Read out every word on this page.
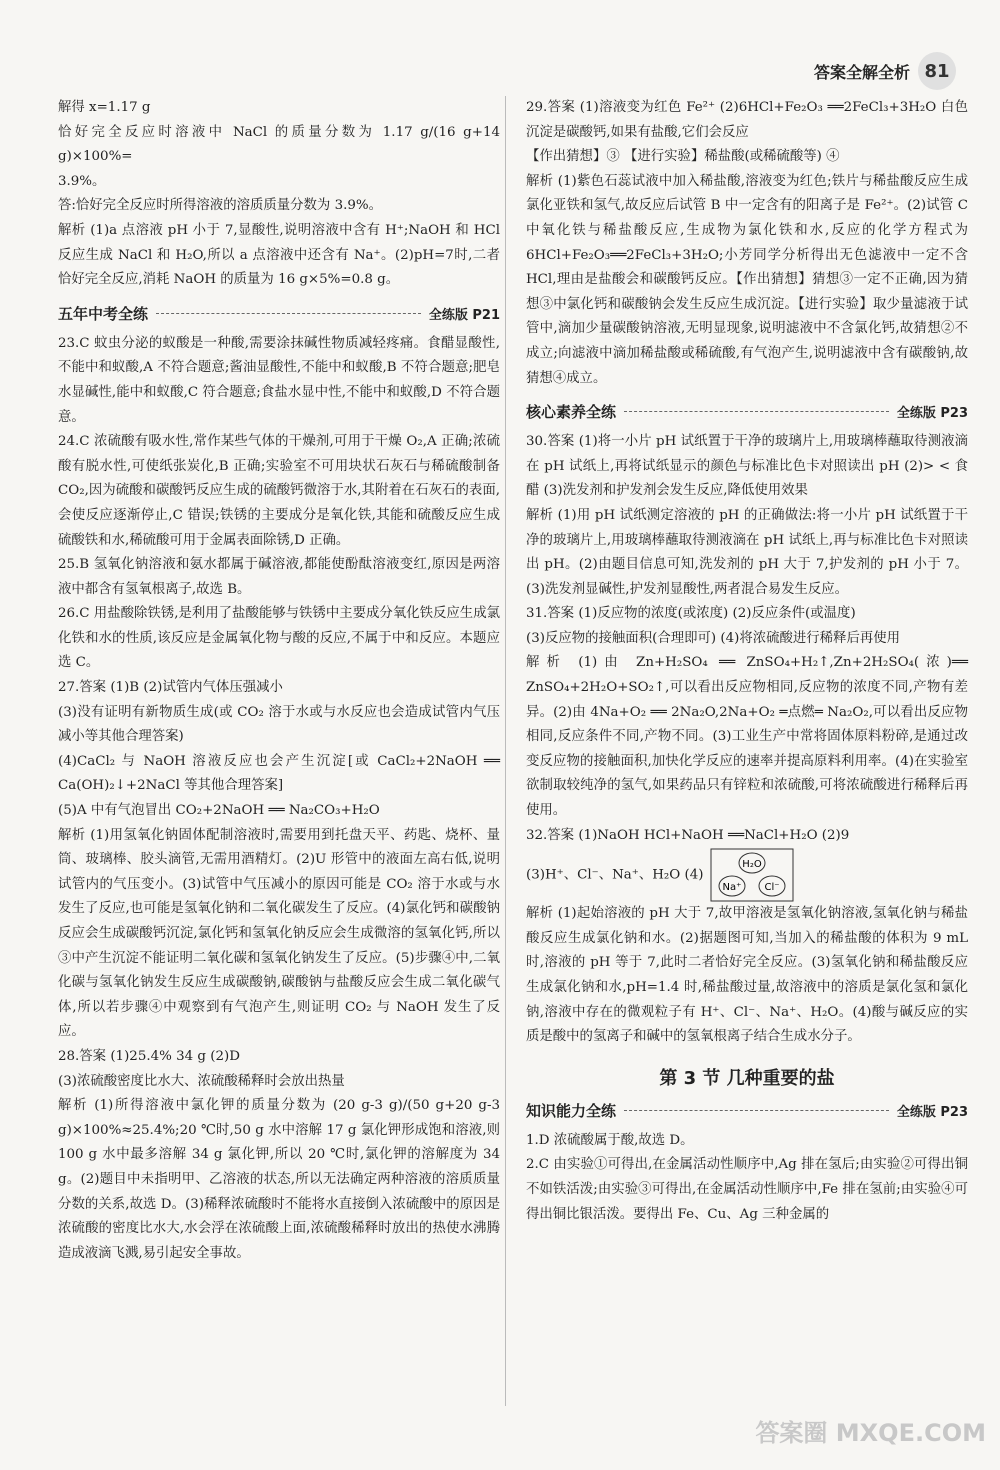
答案全解全析 81

解得 x=1.17 g

恰好完全反应时溶液中 NaCl 的质量分数为 1.17 g/(16 g+14 g)×100%=

3.9%。

答:恰好完全反应时所得溶液的溶质质量分数为 3.9%。

解析 (1)a 点溶液 pH 小于 7,显酸性,说明溶液中含有 H⁺;NaOH 和 HCl 反应生成 NaCl 和 H₂O,所以 a 点溶液中还含有 Na⁺。(2)pH=7时,二者恰好完全反应,消耗 NaOH 的质量为 16 g×5%=0.8 g。

五年中考全练	全练版 P21

23.C 蚊虫分泌的蚁酸是一种酸,需要涂抹碱性物质减轻疼痛。食醋显酸性,不能中和蚁酸,A 不符合题意;酱油显酸性,不能中和蚁酸,B 不符合题意;肥皂水显碱性,能中和蚁酸,C 符合题意;食盐水显中性,不能中和蚁酸,D 不符合题意。

24.C 浓硫酸有吸水性,常作某些气体的干燥剂,可用于干燥 O₂,A 正确;浓硫酸有脱水性,可使纸张炭化,B 正确;实验室不可用块状石灰石与稀硫酸制备 CO₂,因为硫酸和碳酸钙反应生成的硫酸钙微溶于水,其附着在石灰石的表面,会使反应逐渐停止,C 错误;铁锈的主要成分是氧化铁,其能和硫酸反应生成硫酸铁和水,稀硫酸可用于金属表面除锈,D 正确。

25.B 氢氧化钠溶液和氨水都属于碱溶液,都能使酚酞溶液变红,原因是两溶液中都含有氢氧根离子,故选 B。

26.C 用盐酸除铁锈,是利用了盐酸能够与铁锈中主要成分氧化铁反应生成氯化铁和水的性质,该反应是金属氧化物与酸的反应,不属于中和反应。本题应选 C。

27.答案 (1)B (2)试管内气体压强减小

(3)没有证明有新物质生成(或 CO₂ 溶于水或与水反应也会造成试管内气压减小等其他合理答案)

(4)CaCl₂ 与 NaOH 溶液反应也会产生沉淀[或 CaCl₂+2NaOH ══ Ca(OH)₂↓+2NaCl 等其他合理答案]

(5)A 中有气泡冒出 CO₂+2NaOH ══ Na₂CO₃+H₂O

解析 (1)用氢氧化钠固体配制溶液时,需要用到托盘天平、药匙、烧杯、量筒、玻璃棒、胶头滴管,无需用酒精灯。(2)U 形管中的液面左高右低,说明试管内的气压变小。(3)试管中气压减小的原因可能是 CO₂ 溶于水或与水发生了反应,也可能是氢氧化钠和二氧化碳发生了反应。(4)氯化钙和碳酸钠反应会生成碳酸钙沉淀,氯化钙和氢氧化钠反应会生成微溶的氢氧化钙,所以③中产生沉淀不能证明二氧化碳和氢氧化钠发生了反应。(5)步骤④中,二氧化碳与氢氧化钠发生反应生成碳酸钠,碳酸钠与盐酸反应会生成二氧化碳气体,所以若步骤④中观察到有气泡产生,则证明 CO₂ 与 NaOH 发生了反应。

28.答案 (1)25.4% 34 g (2)D

(3)浓硫酸密度比水大、浓硫酸稀释时会放出热量

解析 (1)所得溶液中氯化钾的质量分数为 (20 g-3 g)/(50 g+20 g-3 g)×100%≈25.4%;20 ℃时,50 g 水中溶解 17 g 氯化钾形成饱和溶液,则 100 g 水中最多溶解 34 g 氯化钾,所以 20 ℃时,氯化钾的溶解度为 34 g。(2)题目中未指明甲、乙溶液的状态,所以无法确定两种溶液的溶质质量分数的关系,故选 D。(3)稀释浓硫酸时不能将水直接倒入浓硫酸中的原因是浓硫酸的密度比水大,水会浮在浓硫酸上面,浓硫酸稀释时放出的热使水沸腾造成液滴飞溅,易引起安全事故。

29.答案 (1)溶液变为红色 Fe²⁺ (2)6HCl+Fe₂O₃ ══2FeCl₃+3H₂O 白色沉淀是碳酸钙,如果有盐酸,它们会反应

【作出猜想】③ 【进行实验】稀盐酸(或稀硫酸等) ④

解析 (1)紫色石蕊试液中加入稀盐酸,溶液变为红色;铁片与稀盐酸反应生成氯化亚铁和氢气,故反应后试管 B 中一定含有的阳离子是 Fe²⁺。(2)试管 C 中氧化铁与稀盐酸反应,生成物为氯化铁和水,反应的化学方程式为 6HCl+Fe₂O₃══2FeCl₃+3H₂O;小芳同学分析得出无色滤液中一定不含 HCl,理由是盐酸会和碳酸钙反应。【作出猜想】猜想③一定不正确,因为猜想③中氯化钙和碳酸钠会发生反应生成沉淀。【进行实验】取少量滤液于试管中,滴加少量碳酸钠溶液,无明显现象,说明滤液中不含氯化钙,故猜想②不成立;向滤液中滴加稀盐酸或稀硫酸,有气泡产生,说明滤液中含有碳酸钠,故猜想④成立。

核心素养全练	全练版 P23

30.答案 (1)将一小片 pH 试纸置于干净的玻璃片上,用玻璃棒蘸取待测液滴在 pH 试纸上,再将试纸显示的颜色与标准比色卡对照读出 pH (2)> < 食醋 (3)洗发剂和护发剂会发生反应,降低使用效果

解析 (1)用 pH 试纸测定溶液的 pH 的正确做法:将一小片 pH 试纸置于干净的玻璃片上,用玻璃棒蘸取待测液滴在 pH 试纸上,再与标准比色卡对照读出 pH。(2)由题目信息可知,洗发剂的 pH 大于 7,护发剂的 pH 小于 7。(3)洗发剂显碱性,护发剂显酸性,两者混合易发生反应。

31.答案 (1)反应物的浓度(或浓度) (2)反应条件(或温度)

(3)反应物的接触面积(合理即可) (4)将浓硫酸进行稀释后再使用

解析 (1)由 Zn+H₂SO₄ ══ ZnSO₄+H₂↑,Zn+2H₂SO₄(浓)══ ZnSO₄+2H₂O+SO₂↑,可以看出反应物相同,反应物的浓度不同,产物有差异。(2)由 4Na+O₂ ══ 2Na₂O,2Na+O₂ ═点燃═ Na₂O₂,可以看出反应物相同,反应条件不同,产物不同。(3)工业生产中常将固体原料粉碎,是通过改变反应物的接触面积,加快化学反应的速率并提高原料利用率。(4)在实验室欲制取较纯净的氢气,如果药品只有锌粒和浓硫酸,可将浓硫酸进行稀释后再使用。

32.答案 (1)NaOH HCl+NaOH ══NaCl+H₂O (2)9

(3)H⁺、Cl⁻、Na⁺、H₂O (4)
H₂O
Na⁺ Cl⁻

解析 (1)起始溶液的 pH 大于 7,故甲溶液是氢氧化钠溶液,氢氧化钠与稀盐酸反应生成氯化钠和水。(2)据题图可知,当加入的稀盐酸的体积为 9 mL 时,溶液的 pH 等于 7,此时二者恰好完全反应。(3)氢氧化钠和稀盐酸反应生成氯化钠和水,pH=1.4 时,稀盐酸过量,故溶液中的溶质是氯化氢和氯化钠,溶液中存在的微观粒子有 H⁺、Cl⁻、Na⁺、H₂O。(4)酸与碱反应的实质是酸中的氢离子和碱中的氢氧根离子结合生成水分子。

第 3 节 几种重要的盐
知识能力全练	全练版 P23

1.D 浓硫酸属于酸,故选 D。

2.C 由实验①可得出,在金属活动性顺序中,Ag 排在氢后;由实验②可得出铜不如铁活泼;由实验③可得出,在金属活动性顺序中,Fe 排在氢前;由实验④可得出铜比银活泼。要得出 Fe、Cu、Ag 三种金属的

答案圈 MXQE.COM
